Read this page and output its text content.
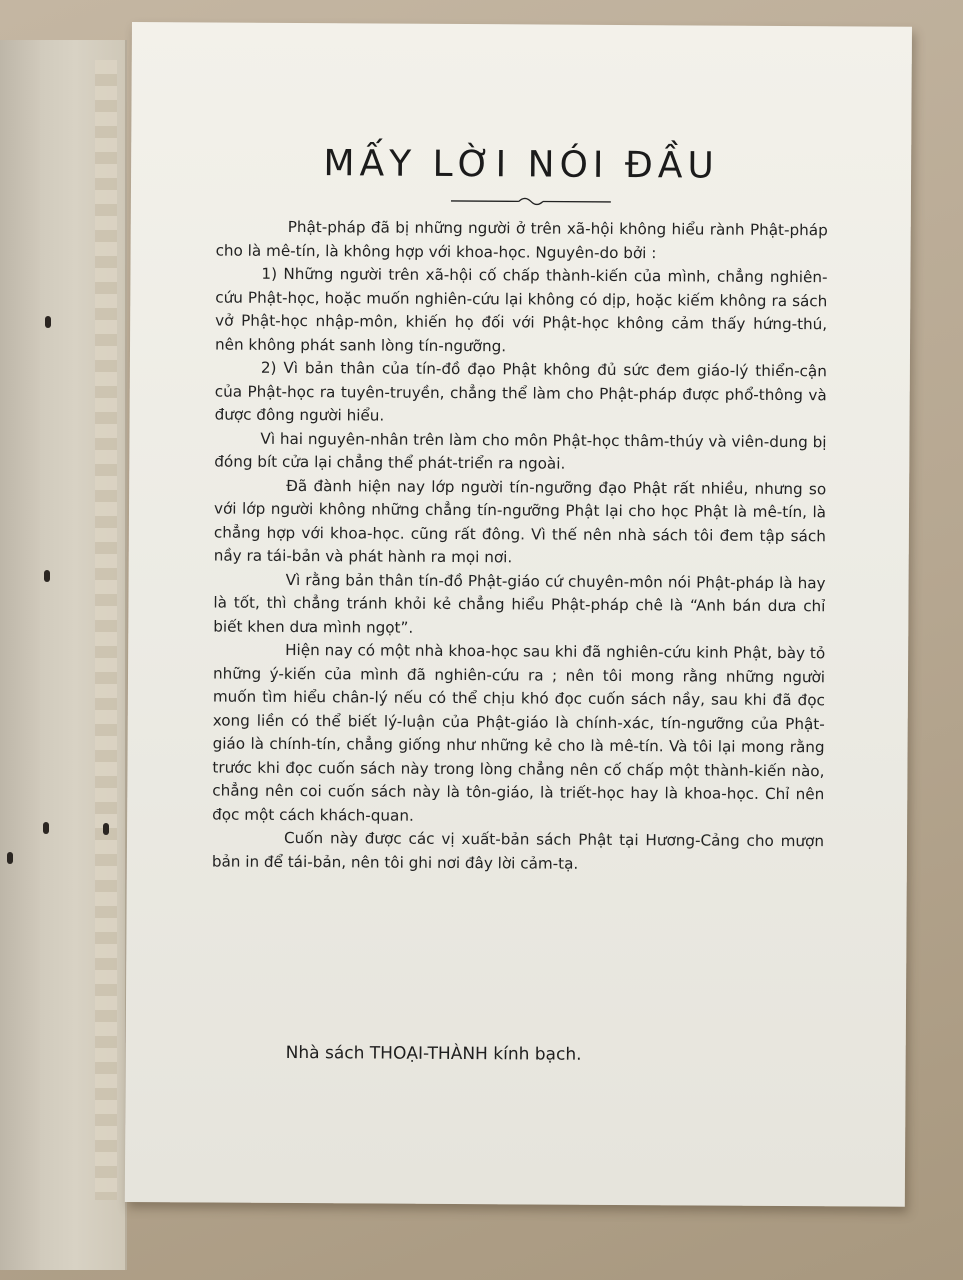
MẤY LỜI NÓI ĐẦU

Phật-pháp đã bị những người ở trên xã-hội không hiểu rành Phật-pháp cho là mê-tín, là không hợp với khoa-học. Nguyên-do bởi :

1) Những người trên xã-hội cố chấp thành-kiến của mình, chẳng nghiên-cứu Phật-học, hoặc muốn nghiên-cứu lại không có dịp, hoặc kiếm không ra sách vở Phật-học nhập-môn, khiến họ đối với Phật-học không cảm thấy hứng-thú, nên không phát sanh lòng tín-ngưỡng.

2) Vì bản thân của tín-đồ đạo Phật không đủ sức đem giáo-lý thiển-cận của Phật-học ra tuyên-truyền, chẳng thể làm cho Phật-pháp được phổ-thông và được đông người hiểu.

Vì hai nguyên-nhân trên làm cho môn Phật-học thâm-thúy và viên-dung bị đóng bít cửa lại chẳng thể phát-triển ra ngoài.

Đã đành hiện nay lớp người tín-ngưỡng đạo Phật rất nhiều, nhưng so với lớp người không những chẳng tín-ngưỡng Phật lại cho học Phật là mê-tín, là chẳng hợp với khoa-học. cũng rất đông. Vì thế nên nhà sách tôi đem tập sách nầy ra tái-bản và phát hành ra mọi nơi.

Vì rằng bản thân tín-đồ Phật-giáo cứ chuyên-môn nói Phật-pháp là hay là tốt, thì chẳng tránh khỏi kẻ chẳng hiểu Phật-pháp chê là “Anh bán dưa chỉ biết khen dưa mình ngọt”.

Hiện nay có một nhà khoa-học sau khi đã nghiên-cứu kinh Phật, bày tỏ những ý-kiến của mình đã nghiên-cứu ra ; nên tôi mong rằng những người muốn tìm hiểu chân-lý nếu có thể chịu khó đọc cuốn sách nầy, sau khi đã đọc xong liền có thể biết lý-luận của Phật-giáo là chính-xác, tín-ngưỡng của Phật-giáo là chính-tín, chẳng giống như những kẻ cho là mê-tín. Và tôi lại mong rằng trước khi đọc cuốn sách này trong lòng chẳng nên cố chấp một thành-kiến nào, chẳng nên coi cuốn sách này là tôn-giáo, là triết-học hay là khoa-học. Chỉ nên đọc một cách khách-quan.

Cuốn này được các vị xuất-bản sách Phật tại Hương-Cảng cho mượn bản in để tái-bản, nên tôi ghi nơi đây lời cảm-tạ.

Nhà sách THOẠI-THÀNH kính bạch.
